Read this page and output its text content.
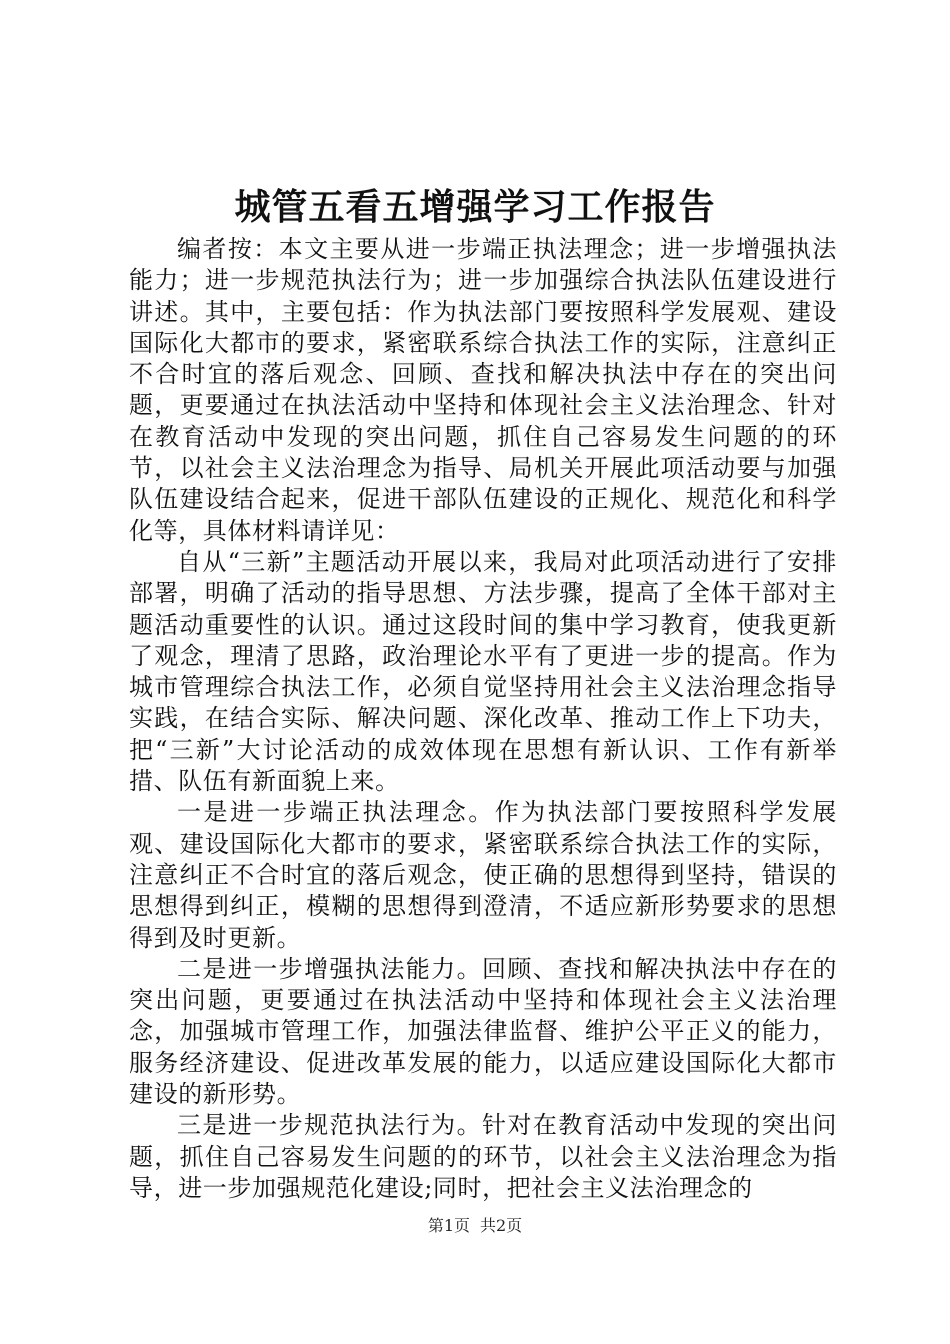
城管五看五增强学习工作报告

编者按：本文主要从进一步端正执法理念；进一步增强执法能力；进一步规范执法行为；进一步加强综合执法队伍建设进行讲述。其中，主要包括：作为执法部门要按照科学发展观、建设国际化大都市的要求，紧密联系综合执法工作的实际，注意纠正不合时宜的落后观念、回顾、查找和解决执法中存在的突出问题，更要通过在执法活动中坚持和体现社会主义法治理念、针对在教育活动中发现的突出问题，抓住自己容易发生问题的的环节，以社会主义法治理念为指导、局机关开展此项活动要与加强队伍建设结合起来，促进干部队伍建设的正规化、规范化和科学化等，具体材料请详见：

自从“三新”主题活动开展以来，我局对此项活动进行了安排部署，明确了活动的指导思想、方法步骤，提高了全体干部对主题活动重要性的认识。通过这段时间的集中学习教育，使我更新了观念，理清了思路，政治理论水平有了更进一步的提高。作为城市管理综合执法工作，必须自觉坚持用社会主义法治理念指导实践，在结合实际、解决问题、深化改革、推动工作上下功夫，把“三新”大讨论活动的成效体现在思想有新认识、工作有新举措、队伍有新面貌上来。

一是进一步端正执法理念。作为执法部门要按照科学发展观、建设国际化大都市的要求，紧密联系综合执法工作的实际，注意纠正不合时宜的落后观念，使正确的思想得到坚持，错误的思想得到纠正，模糊的思想得到澄清，不适应新形势要求的思想得到及时更新。

二是进一步增强执法能力。回顾、查找和解决执法中存在的突出问题，更要通过在执法活动中坚持和体现社会主义法治理念，加强城市管理工作，加强法律监督、维护公平正义的能力，服务经济建设、促进改革发展的能力，以适应建设国际化大都市建设的新形势。

三是进一步规范执法行为。针对在教育活动中发现的突出问题，抓住自己容易发生问题的的环节，以社会主义法治理念为指导，进一步加强规范化建设;同时，把社会主义法治理念的

第1页 共2页
